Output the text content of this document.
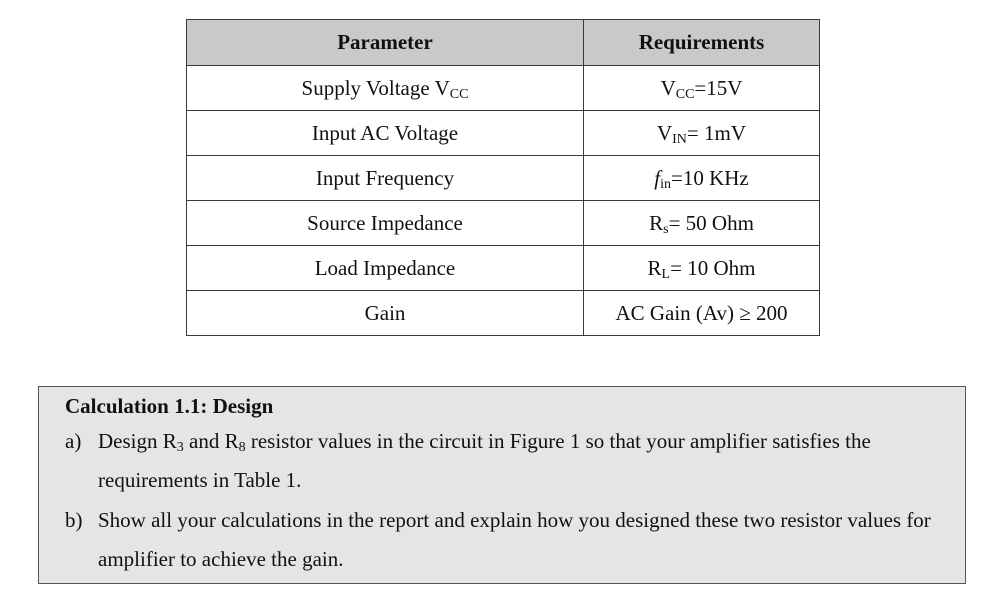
Parameter	Requirements
Supply Voltage $V_{CC}$	$V_{CC}=15V$
Input AC Voltage	$V_{IN}= 1mV$
Input Frequency	$f_{in}=10$ KHz
Source Impedance	$R_s= 50$ Ohm
Load Impedance	$R_L= 10$ Ohm
Gain	AC Gain (Av) ≥ 200
Calculation 1.1: Design
a) Design $R_3$ and $R_8$ resistor values in the circuit in Figure 1 so that your amplifier satisfies the requirements in Table 1.
b) Show all your calculations in the report and explain how you designed these two resistor values for amplifier to achieve the gain.
